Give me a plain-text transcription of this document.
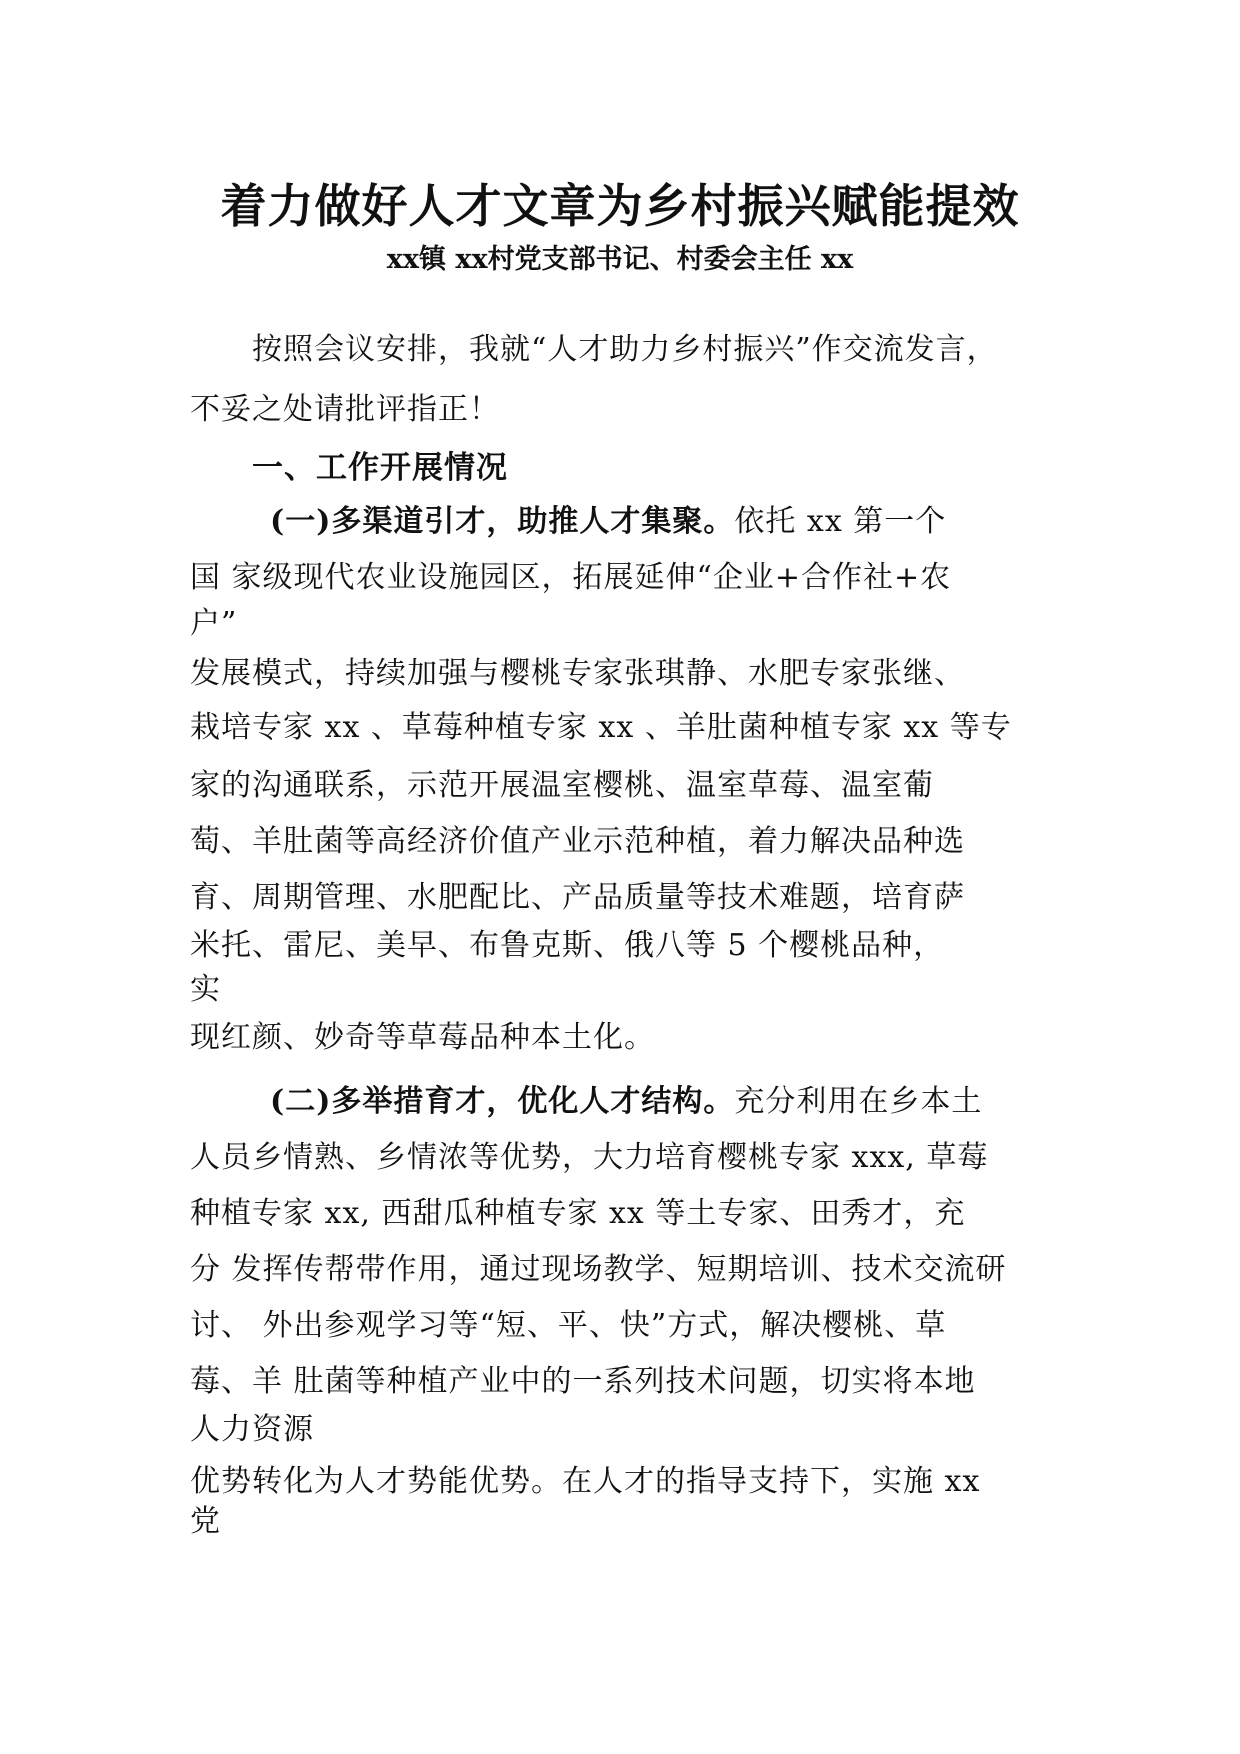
着力做好人才文章为乡村振兴赋能提效
xx镇 xx村党支部书记、村委会主任 xx
按照会议安排，我就“人才助力乡村振兴”作交流发言，
不妥之处请批评指正！
一、工作开展情况
(一)多渠道引才，助推人才集聚。依托 xx 第一个
国 家级现代农业设施园区，拓展延伸“企业+合作社+农
户”
发展模式，持续加强与樱桃专家张琪静、水肥专家张继、
栽培专家 xx 、草莓种植专家 xx 、羊肚菌种植专家 xx 等专
家的沟通联系，示范开展温室樱桃、温室草莓、温室葡
萄、羊肚菌等高经济价值产业示范种植，着力解决品种选
育、周期管理、水肥配比、产品质量等技术难题，培育萨
米托、雷尼、美早、布鲁克斯、俄八等 5 个樱桃品种，
实
现红颜、妙奇等草莓品种本土化。
(二)多举措育才，优化人才结构。充分利用在乡本土
人员乡情熟、乡情浓等优势，大力培育樱桃专家 xxx, 草莓
种植专家 xx, 西甜瓜种植专家 xx 等土专家、田秀才，充
分 发挥传帮带作用，通过现场教学、短期培训、技术交流研
讨、 外出参观学习等“短、平、快”方式，解决樱桃、草
莓、羊 肚菌等种植产业中的一系列技术问题，切实将本地
人力资源
优势转化为人才势能优势。在人才的指导支持下，实施 xx
党
